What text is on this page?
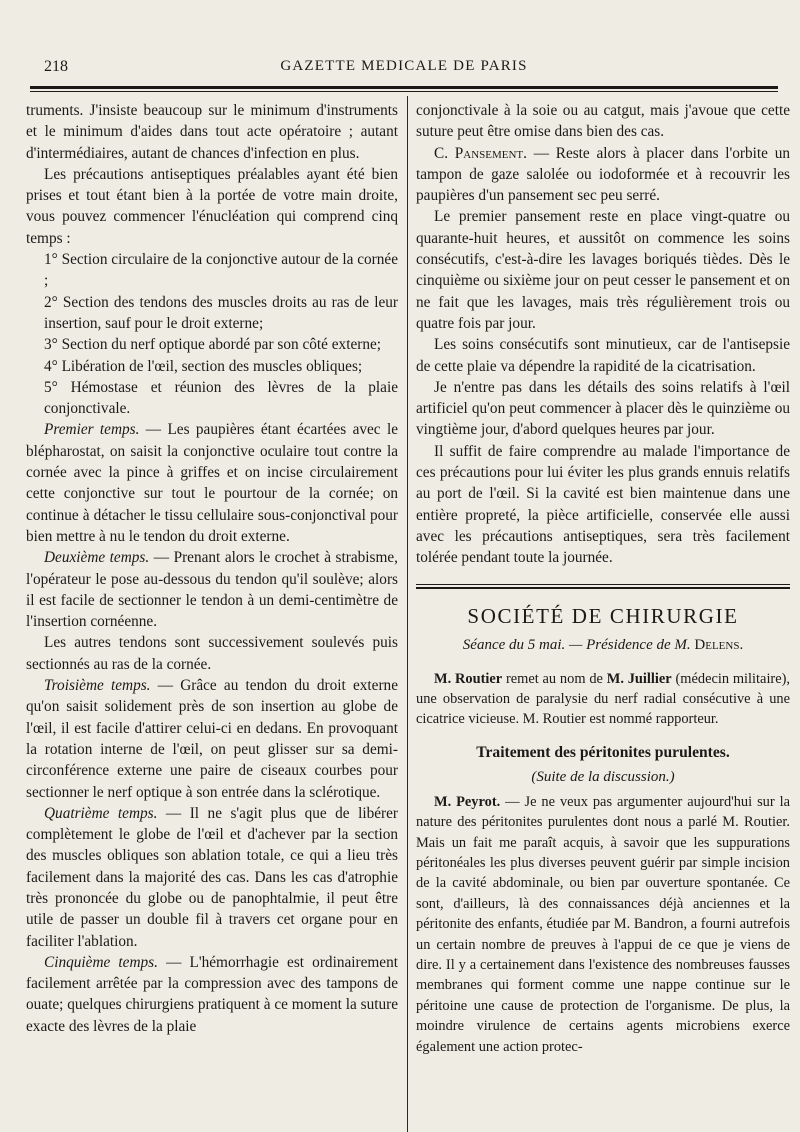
218	GAZETTE MEDICALE DE PARIS

truments. J'insiste beaucoup sur le minimum d'instruments et le minimum d'aides dans tout acte opératoire ; autant d'intermédiaires, autant de chances d'infection en plus.

Les précautions antiseptiques préalables ayant été bien prises et tout étant bien à la portée de votre main droite, vous pouvez commencer l'énucléation qui comprend cinq temps :

1° Section circulaire de la conjonctive autour de la cornée ;

2° Section des tendons des muscles droits au ras de leur insertion, sauf pour le droit externe;

3° Section du nerf optique abordé par son côté externe;

4° Libération de l'œil, section des muscles obliques;

5° Hémostase et réunion des lèvres de la plaie conjonctivale.

Premier temps. — Les paupières étant écartées avec le blépharostat, on saisit la conjonctive oculaire tout contre la cornée avec la pince à griffes et on incise circulairement cette conjonctive sur tout le pourtour de la cornée; on continue à détacher le tissu cellulaire sous-conjonctival pour bien mettre à nu le tendon du droit externe.

Deuxième temps. — Prenant alors le crochet à strabisme, l'opérateur le pose au-dessous du tendon qu'il soulève; alors il est facile de sectionner le tendon à un demi-centimètre de l'insertion cornéenne.

Les autres tendons sont successivement soulevés puis sectionnés au ras de la cornée.

Troisième temps. — Grâce au tendon du droit externe qu'on saisit solidement près de son insertion au globe de l'œil, il est facile d'attirer celui-ci en dedans. En provoquant la rotation interne de l'œil, on peut glisser sur sa demi-circonférence externe une paire de ciseaux courbes pour sectionner le nerf optique à son entrée dans la sclérotique.

Quatrième temps. — Il ne s'agit plus que de libérer complètement le globe de l'œil et d'achever par la section des muscles obliques son ablation totale, ce qui a lieu très facilement dans la majorité des cas. Dans les cas d'atrophie très prononcée du globe ou de panophtalmie, il peut être utile de passer un double fil à travers cet organe pour en faciliter l'ablation.

Cinquième temps. — L'hémorrhagie est ordinairement facilement arrêtée par la compression avec des tampons de ouate; quelques chirurgiens pratiquent à ce moment la suture exacte des lèvres de la plaie

conjonctivale à la soie ou au catgut, mais j'avoue que cette suture peut être omise dans bien des cas.

C. Pansement. — Reste alors à placer dans l'orbite un tampon de gaze salolée ou iodoformée et à recouvrir les paupières d'un pansement sec peu serré.

Le premier pansement reste en place vingt-quatre ou quarante-huit heures, et aussitôt on commence les soins consécutifs, c'est-à-dire les lavages boriqués tièdes. Dès le cinquième ou sixième jour on peut cesser le pansement et on ne fait que les lavages, mais très régulièrement trois ou quatre fois par jour.

Les soins consécutifs sont minutieux, car de l'antisepsie de cette plaie va dépendre la rapidité de la cicatrisation.

Je n'entre pas dans les détails des soins relatifs à l'œil artificiel qu'on peut commencer à placer dès le quinzième ou vingtième jour, d'abord quelques heures par jour.

Il suffit de faire comprendre au malade l'importance de ces précautions pour lui éviter les plus grands ennuis relatifs au port de l'œil. Si la cavité est bien maintenue dans une entière propreté, la pièce artificielle, conservée elle aussi avec les précautions antiseptiques, sera très facilement tolérée pendant toute la journée.

SOCIÉTÉ DE CHIRURGIE
Séance du 5 mai. — Présidence de M. Delens.

M. Routier remet au nom de M. Juillier (médecin militaire), une observation de paralysie du nerf radial consécutive à une cicatrice vicieuse. M. Routier est nommé rapporteur.

Traitement des péritonites purulentes.
(Suite de la discussion.)

M. Peyrot. — Je ne veux pas argumenter aujourd'hui sur la nature des péritonites purulentes dont nous a parlé M. Routier. Mais un fait me paraît acquis, à savoir que les suppurations péritonéales les plus diverses peuvent guérir par simple incision de la cavité abdominale, ou bien par ouverture spontanée. Ce sont, d'ailleurs, là des connaissances déjà anciennes et la péritonite des enfants, étudiée par M. Bandron, a fourni autrefois un certain nombre de preuves à l'appui de ce que je viens de dire. Il y a certainement dans l'existence des nombreuses fausses membranes qui forment comme une nappe continue sur le péritoine une cause de protection de l'organisme. De plus, la moindre virulence de certains agents microbiens exerce également une action protec-
